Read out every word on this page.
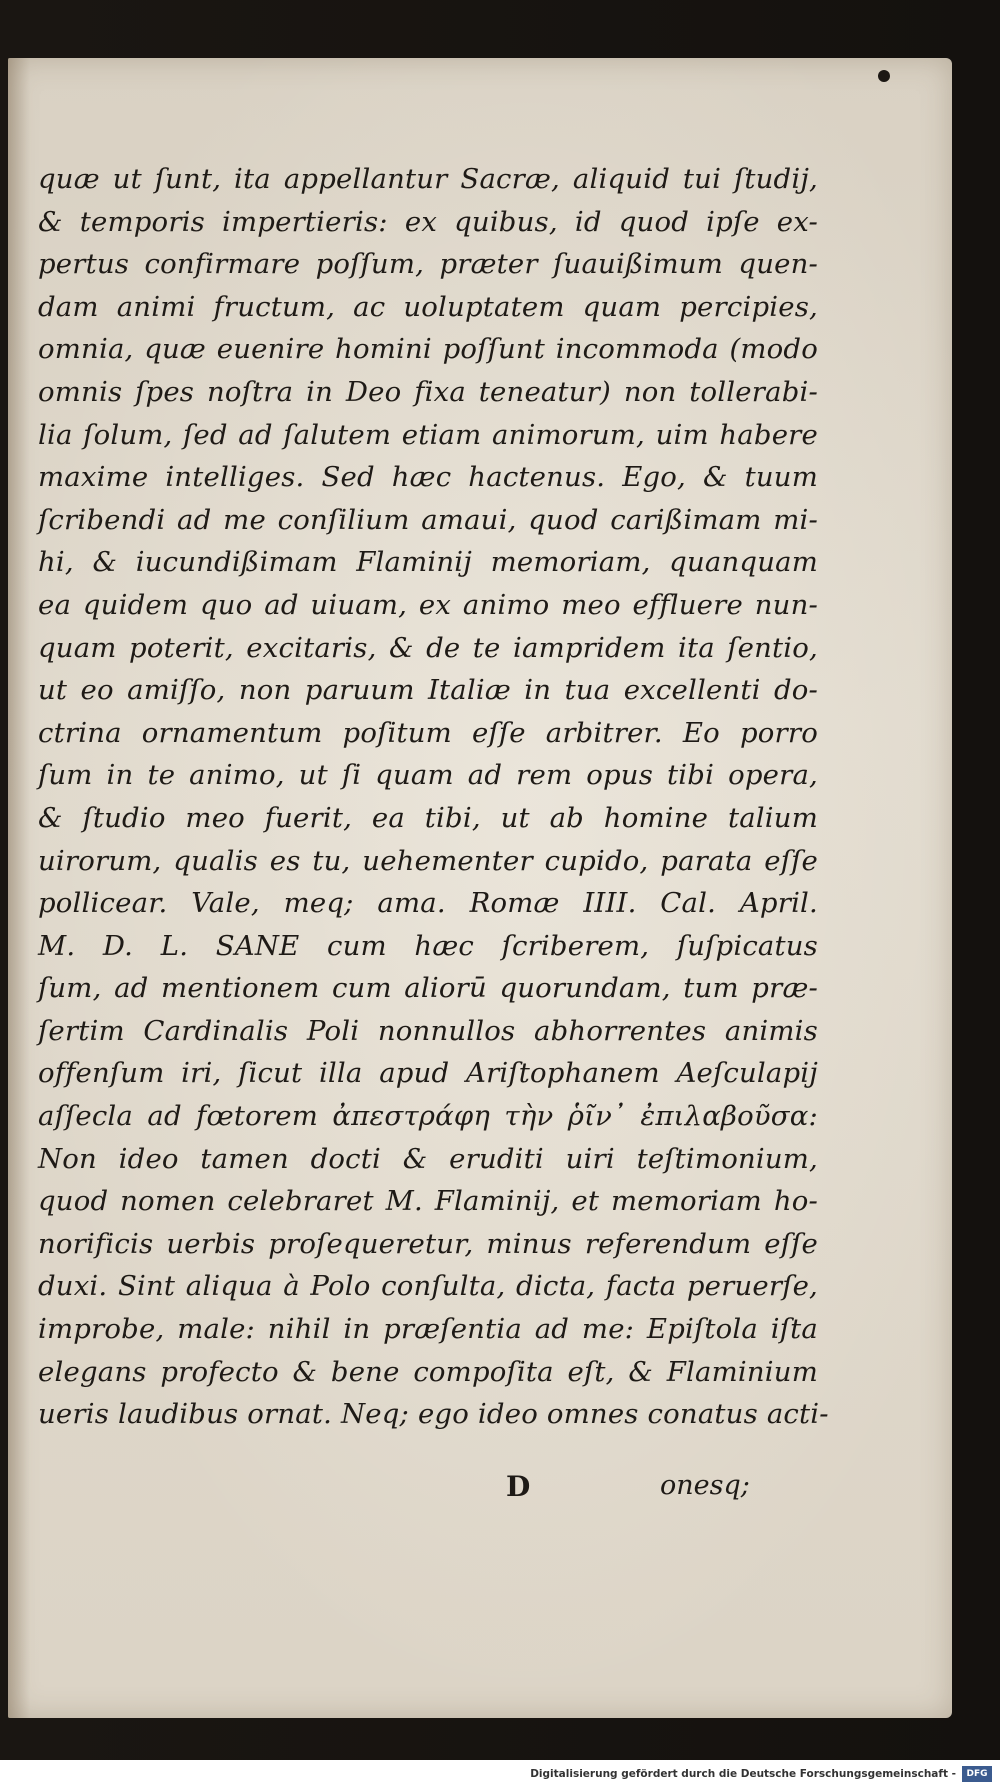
quæ ut ſunt, ita appellantur Sacræ, aliquid tui ſtudij,
& temporis impertieris: ex quibus, id quod ipſe ex-
pertus confirmare poſſum, præter ſuauißimum quen-
dam animi fructum, ac uoluptatem quam percipies,
omnia, quæ euenire homini poſſunt incommoda (modo
omnis ſpes noſtra in Deo fixa teneatur) non tollerabi-
lia ſolum, ſed ad ſalutem etiam animorum, uim habere
maxime intelliges. Sed hæc hactenus. Ego, & tuum
ſcribendi ad me conſilium amaui, quod carißimam mi-
hi, & iucundißimam Flaminij memoriam, quanquam
ea quidem quo ad uiuam, ex animo meo effluere nun-
quam poterit, excitaris, & de te iampridem ita ſentio,
ut eo amiſſo, non paruum Italiæ in tua excellenti do-
ctrina ornamentum poſitum eſſe arbitrer. Eo porro
ſum in te animo, ut ſi quam ad rem opus tibi opera,
& ſtudio meo fuerit, ea tibi, ut ab homine talium
uirorum, qualis es tu, uehementer cupido, parata eſſe
pollicear. Vale, meq; ama. Romæ IIII. Cal. April.
M. D. L. SANE cum hæc ſcriberem, ſuſpicatus
ſum, ad mentionem cum aliorū quorundam, tum præ-
ſertim Cardinalis Poli nonnullos abhorrentes animis
offenſum iri, ſicut illa apud Ariſtophanem Aeſculapij
aſſecla ad fœtorem ἀπεστράφη τὴν ῥῖν᾽ ἐπιλαβοῦσα:
Non ideo tamen docti & eruditi uiri teſtimonium,
quod nomen celebraret M. Flaminij, et memoriam ho-
norificis uerbis proſequeretur, minus referendum eſſe
duxi. Sint aliqua à Polo conſulta, dicta, facta peruerſe,
improbe, male: nihil in præſentia ad me: Epiſtola iſta
elegans profecto & bene compoſita eſt, & Flaminium
ueris laudibus ornat. Neq; ego ideo omnes conatus acti-
D	onesq;
Digitalisierung gefördert durch die Deutsche Forschungsgemeinschaft -	DFG
